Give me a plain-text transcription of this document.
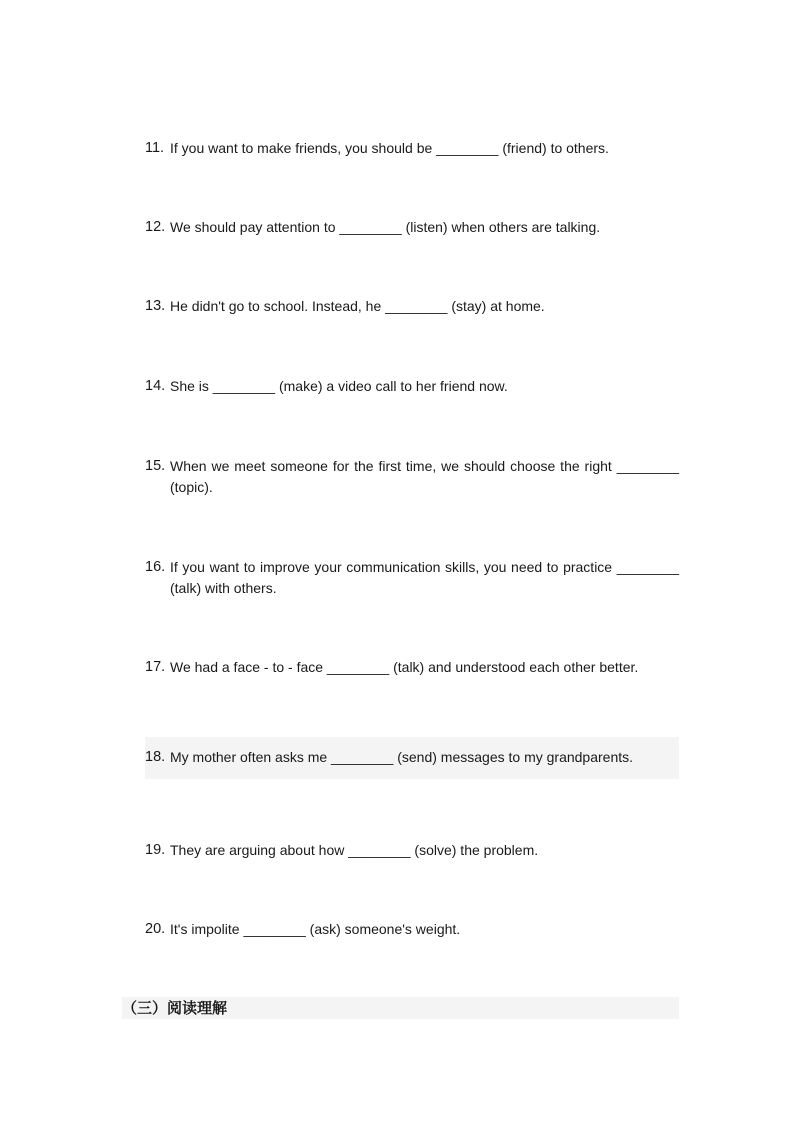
11. If you want to make friends, you should be ________ (friend) to others.
12. We should pay attention to ________ (listen) when others are talking.
13. He didn't go to school. Instead, he ________ (stay) at home.
14. She is ________ (make) a video call to her friend now.
15. When we meet someone for the first time, we should choose the right ________ (topic).
16. If you want to improve your communication skills, you need to practice ________ (talk) with others.
17. We had a face - to - face ________ (talk) and understood each other better.
18. My mother often asks me ________ (send) messages to my grandparents.
19. They are arguing about how ________ (solve) the problem.
20. It's impolite ________ (ask) someone's weight.
（三）阅读理解
